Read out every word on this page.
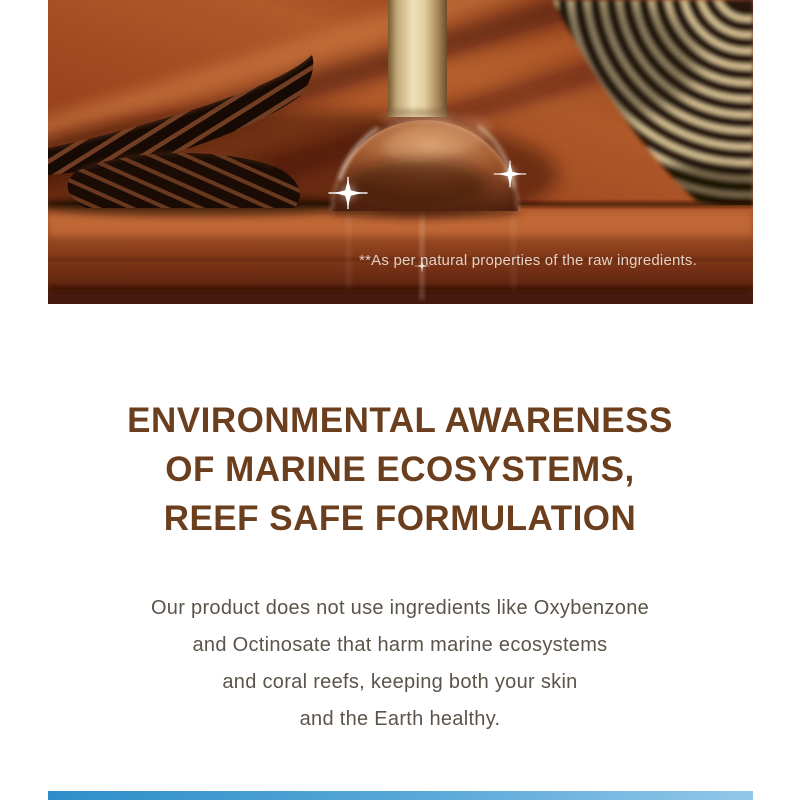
**As per natural properties of the raw ingredients.
ENVIRONMENTAL AWARENESS
OF MARINE ECOSYSTEMS,
REEF SAFE FORMULATION
Our product does not use ingredients like Oxybenzone
and Octinosate that harm marine ecosystems
and coral reefs, keeping both your skin
and the Earth healthy.
